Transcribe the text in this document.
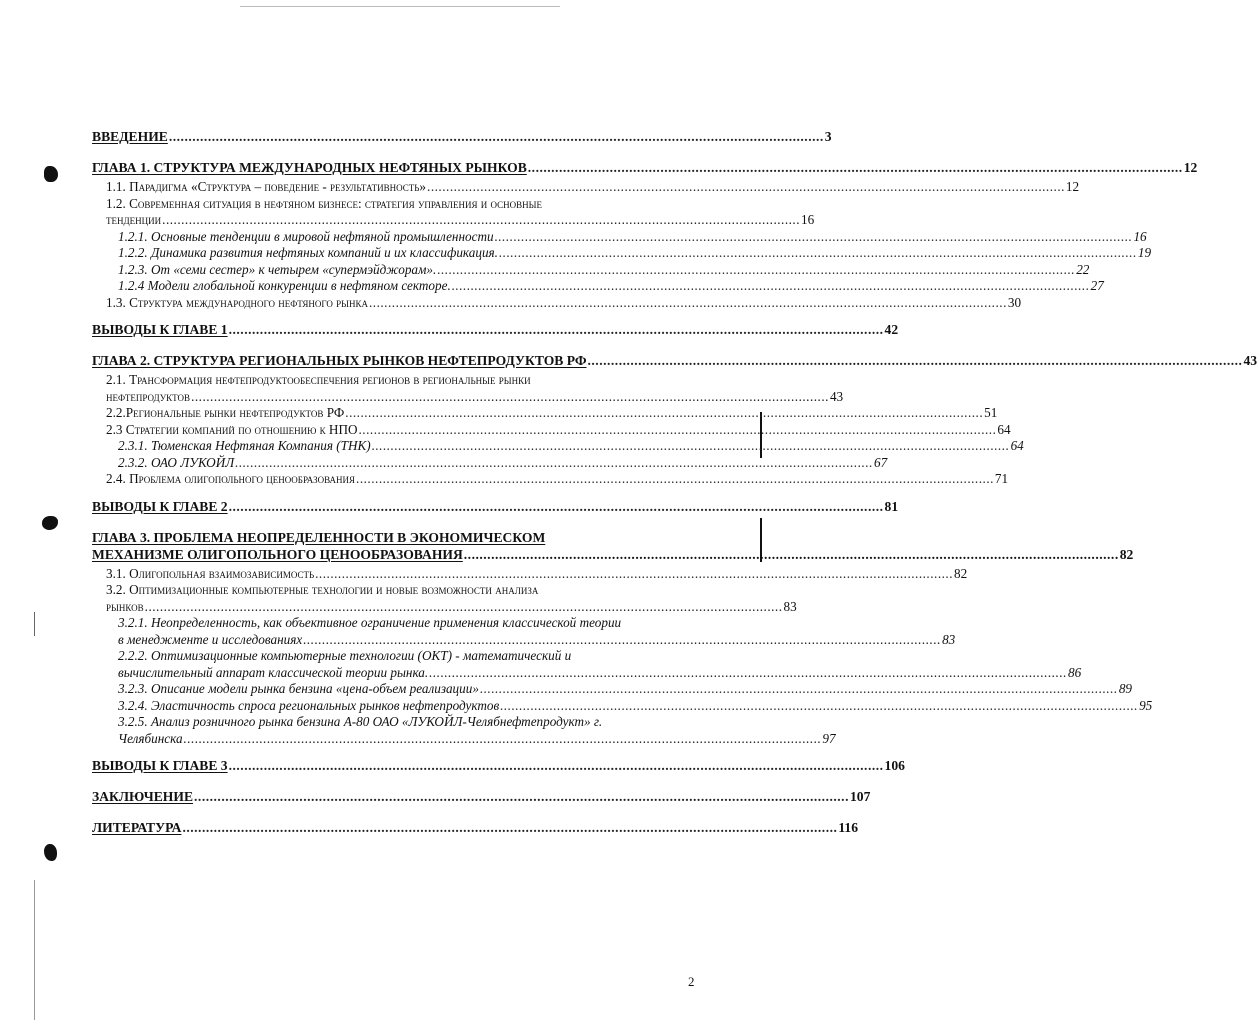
ВВЕДЕНИЕ ........................................................................................................................................................................ 3
ГЛАВА 1. СТРУКТУРА МЕЖДУНАРОДНЫХ НЕФТЯНЫХ РЫНКОВ ........................................................................................................................................................................ 12
1.1. Парадигма «Структура – поведение - результативность» ........................................................................................................................................................................ 12
1.2. Современная ситуация в нефтяном бизнесе: стратегия управления и основные
тенденции ........................................................................................................................................................................ 16
1.2.1. Основные тенденции в мировой нефтяной промышленности ........................................................................................................................................................................ 16
1.2.2. Динамика развития нефтяных компаний и их классификация. ........................................................................................................................................................................ 19
1.2.3. От «семи сестер» к четырем «супермэйджорам». ........................................................................................................................................................................ 22
1.2.4 Модели глобальной конкуренции в нефтяном секторе. ........................................................................................................................................................................ 27
1.3. Структура международного нефтяного рынка ........................................................................................................................................................................ 30
ВЫВОДЫ К ГЛАВЕ 1 ........................................................................................................................................................................ 42
ГЛАВА 2. СТРУКТУРА РЕГИОНАЛЬНЫХ РЫНКОВ НЕФТЕПРОДУКТОВ РФ ........................................................................................................................................................................ 43
2.1. Трансформация нефтепродуктообеспечения регионов в региональные рынки
нефтепродуктов ........................................................................................................................................................................ 43
2.2.Региональные рынки нефтепродуктов РФ ........................................................................................................................................................................ 51
2.3 Стратегии компаний по отношению к НПО ........................................................................................................................................................................ 64
2.3.1. Тюменская Нефтяная Компания (ТНК) ........................................................................................................................................................................ 64
2.3.2. ОАО ЛУКОЙЛ ........................................................................................................................................................................ 67
2.4. Проблема олигопольного ценообразования ........................................................................................................................................................................ 71
ВЫВОДЫ К ГЛАВЕ 2 ........................................................................................................................................................................ 81
ГЛАВА 3. ПРОБЛЕМА НЕОПРЕДЕЛЕННОСТИ В ЭКОНОМИЧЕСКОМ
МЕХАНИЗМЕ ОЛИГОПОЛЬНОГО ЦЕНООБРАЗОВАНИЯ ........................................................................................................................................................................ 82
3.1. Олигопольная взаимозависимость ........................................................................................................................................................................ 82
3.2. Оптимизационные компьютерные технологии и новые возможности анализа
рынков ........................................................................................................................................................................ 83
3.2.1. Неопределенность, как объективное ограничение применения классической теории
в менеджменте и исследованиях ........................................................................................................................................................................ 83
2.2.2. Оптимизационные компьютерные технологии (ОКТ) - математический и
вычислительный аппарат классической теории рынка. ........................................................................................................................................................................ 86
3.2.3. Описание модели рынка бензина «цена-объем реализации» ........................................................................................................................................................................ 89
3.2.4. Эластичность спроса региональных рынков нефтепродуктов ........................................................................................................................................................................ 95
3.2.5. Анализ розничного рынка бензина А-80 ОАО «ЛУКОЙЛ-Челябнефтепродукт» г.
Челябинска ........................................................................................................................................................................ 97
ВЫВОДЫ К ГЛАВЕ 3 ........................................................................................................................................................................ 106
ЗАКЛЮЧЕНИЕ ........................................................................................................................................................................ 107
ЛИТЕРАТУРА ........................................................................................................................................................................ 116
2
